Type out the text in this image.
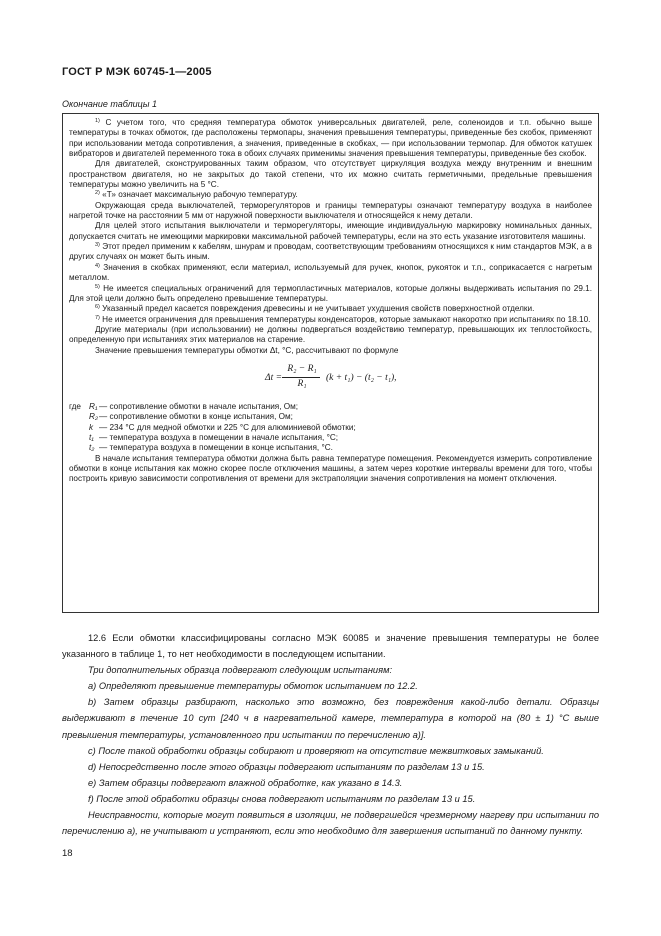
ГОСТ Р МЭК 60745-1—2005
Окончание таблицы 1

$^{1)}$ С учетом того, что средняя температура обмоток универсальных двигателей, реле, соленоидов и т.п. обычно выше температуры в точках обмоток, где расположены термопары, значения превышения температуры, приведенные без скобок, применяют при использовании метода сопротивления, а значения, приведенные в скобках, — при использовании термопар. Для обмоток катушек вибраторов и двигателей переменного тока в обоих случаях применимы значения превышения температуры, приведенные без скобок.

Для двигателей, сконструированных таким образом, что отсутствует циркуляция воздуха между внутренним и внешним пространством двигателя, но не закрытых до такой степени, что их можно считать герметичными, предельные превышения температуры можно увеличить на 5 °С.

$^{2)}$ «Т» означает максимальную рабочую температуру.

Окружающая среда выключателей, терморегуляторов и границы температуры означают температуру воздуха в наиболее нагретой точке на расстоянии 5 мм от наружной поверхности выключателя и относящейся к нему детали.

Для целей этого испытания выключатели и терморегуляторы, имеющие индивидуальную маркировку номинальных данных, допускается считать не имеющими маркировки максимальной рабочей температуры, если на это есть указание изготовителя машины.

$^{3)}$ Этот предел применим к кабелям, шнурам и проводам, соответствующим требованиям относящихся к ним стандартов МЭК, а в других случаях он может быть иным.

$^{4)}$ Значения в скобках применяют, если материал, используемый для ручек, кнопок, рукояток и т.п., соприкасается с нагретым металлом.

$^{5)}$ Не имеется специальных ограничений для термопластичных материалов, которые должны выдерживать испытания по 29.1. Для этой цели должно быть определено превышение температуры.

$^{6)}$ Указанный предел касается повреждения древесины и не учитывает ухудшения свойств поверхностной отделки.

$^{7)}$ Не имеется ограничения для превышения температуры конденсаторов, которые замыкают накоротко при испытаниях по 18.10.

Другие материалы (при использовании) не должны подвергаться воздействию температур, превышающих их теплостойкость, определенную при испытаниях этих материалов на старение.

Значение превышения температуры обмотки Δt, °С, рассчитывают по формуле

Δt =
R₂ − R₁
R₁
(k + t₁) − (t₂ − t₁),
где R₁ — сопротивление обмотки в начале испытания, Ом;
R₂ — сопротивление обмотки в конце испытания, Ом;
k — 234 °С для медной обмотки и 225 °С для алюминиевой обмотки;
t₁ — температура воздуха в помещении в начале испытания, °С;
t₂ — температура воздуха в помещении в конце испытания, °С.

В начале испытания температура обмотки должна быть равна температуре помещения. Рекомендуется измерить сопротивление обмотки в конце испытания как можно скорее после отключения машины, а затем через короткие интервалы времени для того, чтобы построить кривую зависимости сопротивления от времени для экстраполяции значения сопротивления на момент отключения.

12.6 Если обмотки классифицированы согласно МЭК 60085 и значение превышения температуры не более указанного в таблице 1, то нет необходимости в последующем испытании.

Три дополнительных образца подвергают следующим испытаниям:

a) Определяют превышение температуры обмоток испытанием по 12.2.

b) Затем образцы разбирают, насколько это возможно, без повреждения какой-либо детали. Образцы выдерживают в течение 10 сут [240 ч в нагревательной камере, температура в которой на (80 ± 1) °С выше превышения температуры, установленного при испытании по перечислению a)].

c) После такой обработки образцы собирают и проверяют на отсутствие межвитковых замыканий.

d) Непосредственно после этого образцы подвергают испытаниям по разделам 13 и 15.

e) Затем образцы подвергают влажной обработке, как указано в 14.3.

f) После этой обработки образцы снова подвергают испытаниям по разделам 13 и 15.

Неисправности, которые могут появиться в изоляции, не подвергшейся чрезмерному нагреву при испытании по перечислению a), не учитывают и устраняют, если это необходимо для завершения испытаний по данному пункту.

18
